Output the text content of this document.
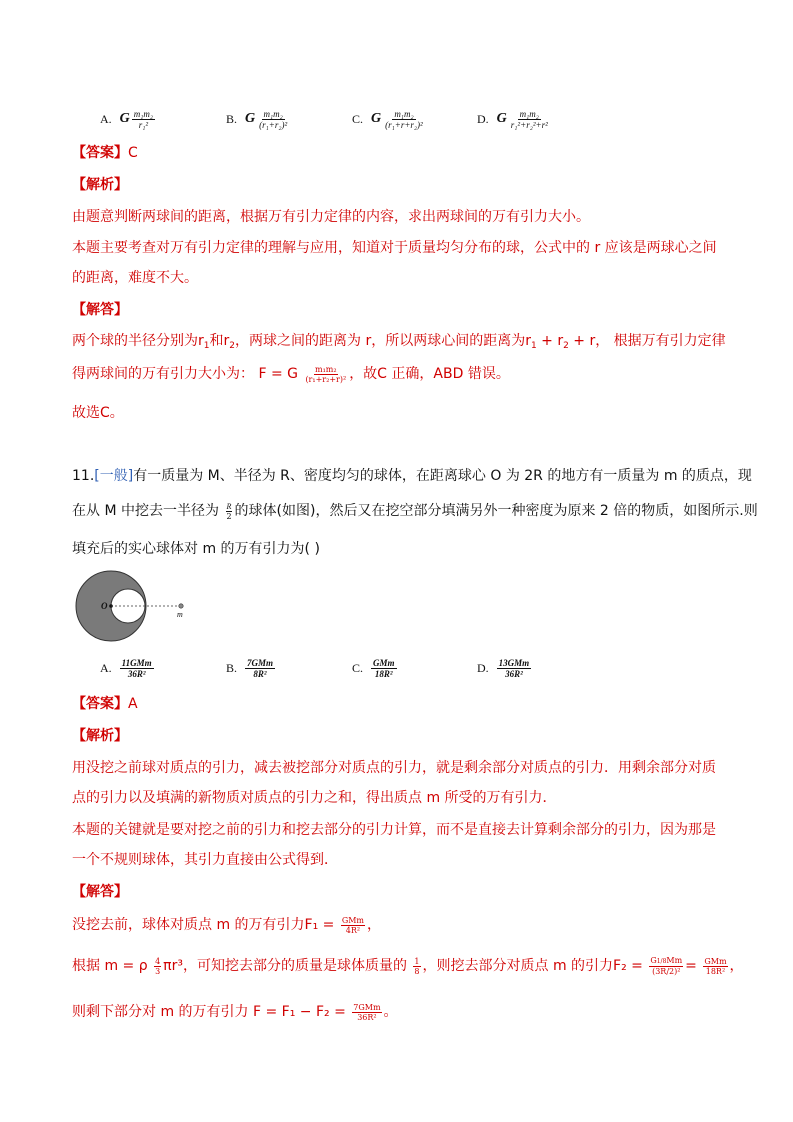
A. G $\frac{\text{m₁m₂}}{\text{r₁²}}$	B. G $\frac{\text{m₁m₂}}{\text{(r₁+r₂)²}}$	C. G $\frac{\text{m₁m₂}}{\text{(r₁+r+r₂)²}}$	D. G $\frac{\text{m₁m₂}}{\text{r₁²+r₂²+r²}}$
【答案】C
【解析】
由题意判断两球间的距离，根据万有引力定律的内容，求出两球间的万有引力大小。
本题主要考查对万有引力定律的理解与应用，知道对于质量均匀分布的球，公式中的 r 应该是两球心之间
的距离，难度不大。
【解答】
两个球的半径分别为$r_1$和$r_2$，两球之间的距离为 r，所以两球心间的距离为$r_1 + r_2 + r$， 根据万有引力定律
得两球间的万有引力大小为： F = G $\frac{\text{m₁m₂}}{\text{(r₁+r₂+r)²}}$ ，故C 正确，ABD 错误。
故选C。
11.[一般]有一质量为 M、半径为 R、密度均匀的球体，在距离球心 O 为 2R 的地方有一质量为 m 的质点，现
在从 M 中挖去一半径为 $\frac{R}{2}$ 的球体(如图)，然后又在挖空部分填满另外一种密度为原来 2 倍的物质，如图所示.则
填充后的实心球体对 m 的万有引力为( )
O
m
A. $\frac{\text{11GMm}}{\text{36R²}}$	B. $\frac{\text{7GMm}}{\text{8R²}}$	C. $\frac{\text{GMm}}{\text{18R²}}$	D. $\frac{\text{13GMm}}{\text{36R²}}$
【答案】A
【解析】
用没挖之前球对质点的引力，减去被挖部分对质点的引力，就是剩余部分对质点的引力．用剩余部分对质
点的引力以及填满的新物质对质点的引力之和，得出质点 m 所受的万有引力．
本题的关键就是要对挖之前的引力和挖去部分的引力计算，而不是直接去计算剩余部分的引力，因为那是
一个不规则球体，其引力直接由公式得到．
【解答】
没挖去前，球体对质点 m 的万有引力$F_1 = \frac{\text{GMm}}{\text{4R²}}$ ，
根据 m = ρ $\frac{4}{3} \pi r^3$，可知挖去部分的质量是球体质量的 $\frac{1}{8}$ ，则挖去部分对质点 m 的引力$F_2 = \frac{G1/8Mm}{\text{(3R/2)²}} = \frac{\text{GMm}}{\text{18R²}}$ ，
则剩下部分对 m 的万有引力 $F = F_1 - F_2 = \frac{\text{7GMm}}{\text{36R²}}$ 。
